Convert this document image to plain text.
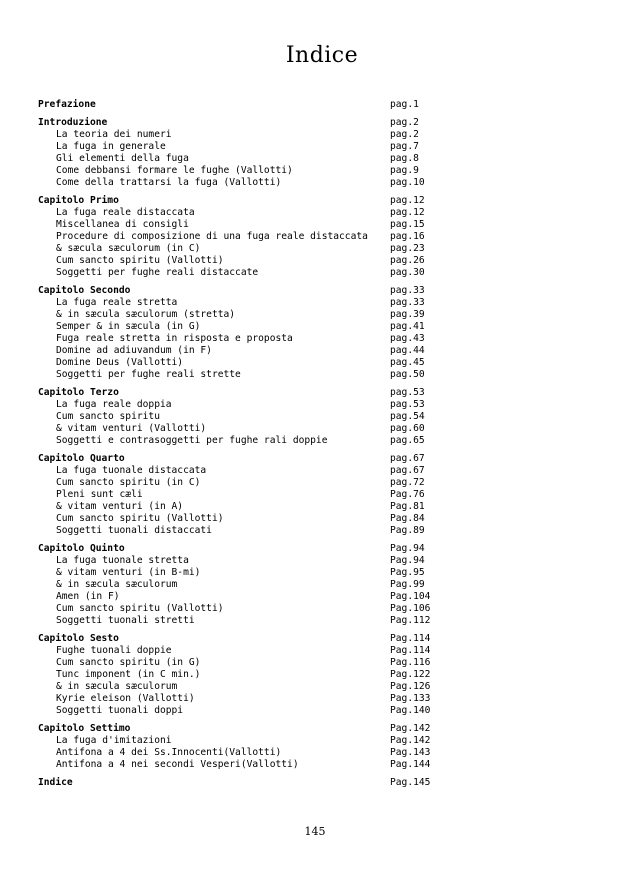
Indice
Prefazione	pag.1
Introduzione	pag.2
La teoria dei numeri	pag.2
La fuga in generale	pag.7
Gli elementi della fuga	pag.8
Come debbansi formare le fughe (Vallotti)	pag.9
Come della trattarsi la fuga (Vallotti)	pag.10
Capitolo Primo	pag.12
La fuga reale distaccata	pag.12
Miscellanea di consigli	pag.15
Procedure di composizione di una fuga reale distaccata pag.16
& sæcula sæculorum (in C)	pag.23
Cum sancto spiritu (Vallotti)	pag.26
Soggetti per fughe reali distaccate	pag.30
Capitolo Secondo	pag.33
La fuga reale stretta	pag.33
& in sæcula sæculorum (stretta)	pag.39
Semper & in sæcula (in G)	pag.41
Fuga reale stretta in risposta e proposta	pag.43
Domine ad adiuvandum (in F)	pag.44
Domine Deus (Vallotti)	pag.45
Soggetti per fughe reali strette	pag.50
Capitolo Terzo	pag.53
La fuga reale doppia	pag.53
Cum sancto spiritu	pag.54
& vitam venturi (Vallotti)	pag.60
Soggetti e contrasoggetti per fughe rali doppie	pag.65
Capitolo Quarto	pag.67
La fuga tuonale distaccata	pag.67
Cum sancto spiritu (in C)	pag.72
Pleni sunt cæli	Pag.76
& vitam venturi (in A)	Pag.81
Cum sancto spiritu (Vallotti)	Pag.84
Soggetti tuonali distaccati	Pag.89
Capitolo Quinto	Pag.94
La fuga tuonale stretta	Pag.94
& vitam venturi (in B-mi)	Pag.95
& in sæcula sæculorum	Pag.99
Amen (in F)	Pag.104
Cum sancto spiritu (Vallotti)	Pag.106
Soggetti tuonali stretti	Pag.112
Capitolo Sesto	Pag.114
Fughe tuonali doppie	Pag.114
Cum sancto spiritu (in G)	Pag.116
Tunc imponent (in C min.)	Pag.122
& in sæcula sæculorum	Pag.126
Kyrie eleison (Vallotti)	Pag.133
Soggetti tuonali doppi	Pag.140
Capitolo Settimo	Pag.142
La fuga d'imitazioni	Pag.142
Antifona a 4 dei Ss.Innocenti(Vallotti)	Pag.143
Antifona a 4 nei secondi Vesperi(Vallotti)	Pag.144
Indice	Pag.145
145
